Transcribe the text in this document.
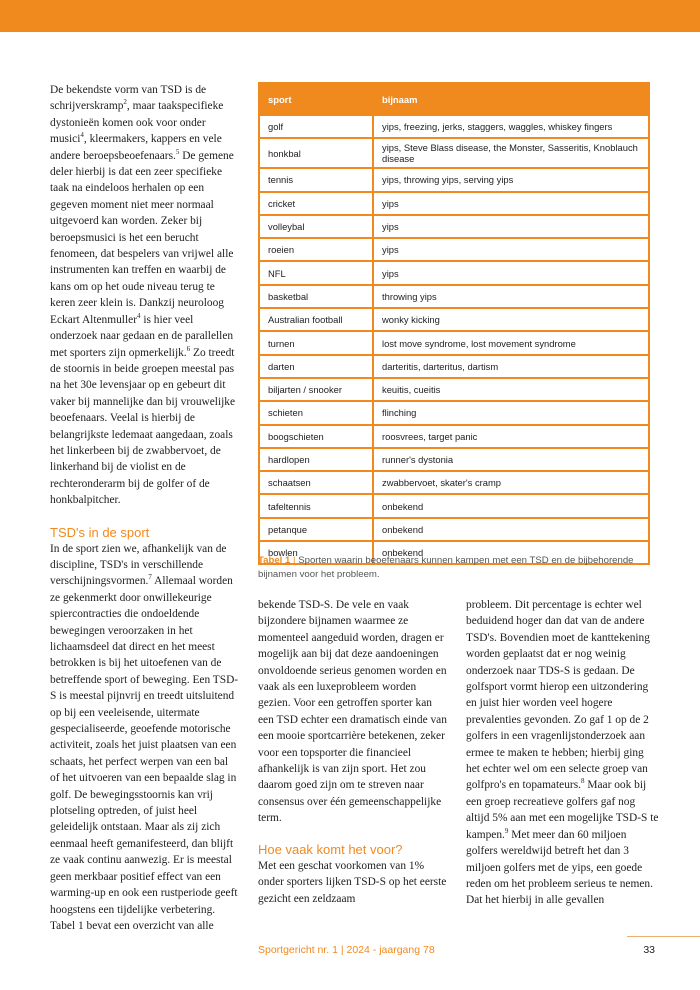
De bekendste vorm van TSD is de schrijverskramp$^2$, maar taakspecifieke dystonieën komen ook voor onder musici$^4$, kleermakers, kappers en vele andere beroepsbeoefenaars.$^5$ De gemene deler hierbij is dat een zeer specifieke taak na eindeloos herhalen op een gegeven moment niet meer normaal uitgevoerd kan worden. Zeker bij beroepsmusici is het een berucht fenomeen, dat bespelers van vrijwel alle instrumenten kan treffen en waarbij de kans om op het oude niveau terug te keren zeer klein is. Dankzij neuroloog Eckart Altenmuller$^4$ is hier veel onderzoek naar gedaan en de parallellen met sporters zijn opmerkelijk.$^6$ Zo treedt de stoornis in beide groepen meestal pas na het 30e levensjaar op en gebeurt dit vaker bij mannelijke dan bij vrouwelijke beoefenaars. Veelal is hierbij de belangrijkste ledemaat aangedaan, zoals het linkerbeen bij de zwabbervoet, de linkerhand bij de violist en de rechteronderarm bij de golfer of de honkbalpitcher.

TSD's in de sport

In de sport zien we, afhankelijk van de discipline, TSD's in verschillende verschijningsvormen.$^7$ Allemaal worden ze gekenmerkt door onwillekeurige spiercontracties die ondoeldende bewegingen veroorzaken in het lichaamsdeel dat direct en het meest betrokken is bij het uitoefenen van de betreffende sport of beweging. Een TSD-S is meestal pijnvrij en treedt uitsluitend op bij een veeleisende, uitermate gespecialiseerde, geoefende motorische activiteit, zoals het juist plaatsen van een schaats, het perfect werpen van een bal of het uitvoeren van een bepaalde slag in golf. De bewegingsstoornis kan vrij plotseling optreden, of juist heel geleidelijk ontstaan. Maar als zij zich eenmaal heeft gemanifesteerd, dan blijft ze vaak continu aanwezig. Er is meestal geen merkbaar positief effect van een warming-up en ook een rustperiode geeft hoogstens een tijdelijke verbetering. Tabel 1 bevat een overzicht van alle

sport	bijnaam
golf	yips, freezing, jerks, staggers, waggles, whiskey fingers
honkbal	yips, Steve Blass disease, the Monster, Sasseritis, Knoblauch disease
tennis	yips, throwing yips, serving yips
cricket	yips
volleybal	yips
roeien	yips
NFL	yips
basketbal	throwing yips
Australian football	wonky kicking
turnen	lost move syndrome, lost movement syndrome
darten	darteritis, darteritus, dartism
biljarten / snooker	keuitis, cueitis
schieten	flinching
boogschieten	roosvrees, target panic
hardlopen	runner's dystonia
schaatsen	zwabbervoet, skater's cramp
tafeltennis	onbekend
petanque	onbekend
bowlen	onbekend
Tabel 1 | Sporten waarin beoefenaars kunnen kampen met een TSD en de bijbehorende bijnamen voor het probleem.

bekende TSD-S. De vele en vaak bijzondere bijnamen waarmee ze momenteel aangeduid worden, dragen er mogelijk aan bij dat deze aandoeningen onvoldoende serieus genomen worden en vaak als een luxeprobleem worden gezien. Voor een getroffen sporter kan een TSD echter een dramatisch einde van een mooie sportcarrière betekenen, zeker voor een topsporter die financieel afhankelijk is van zijn sport. Het zou daarom goed zijn om te streven naar consensus over één gemeenschappelijke term.

Hoe vaak komt het voor?

Met een geschat voorkomen van 1% onder sporters lijken TSD-S op het eerste gezicht een zeldzaam

probleem. Dit percentage is echter wel beduidend hoger dan dat van de andere TSD's. Bovendien moet de kanttekening worden geplaatst dat er nog weinig onderzoek naar TDS-S is gedaan. De golfsport vormt hierop een uitzondering en juist hier worden veel hogere prevalenties gevonden. Zo gaf 1 op de 2 golfers in een vragenlijstonderzoek aan ermee te maken te hebben; hierbij ging het echter wel om een selecte groep van golfpro's en topamateurs.$^8$ Maar ook bij een groep recreatieve golfers gaf nog altijd 5% aan met een mogelijke TSD-S te kampen.$^9$ Met meer dan 60 miljoen golfers wereldwijd betreft het dan 3 miljoen golfers met de yips, een goede reden om het probleem serieus te nemen. Dat het hierbij in alle gevallen

Sportgericht nr. 1 | 2024 - jaargang 78	33
